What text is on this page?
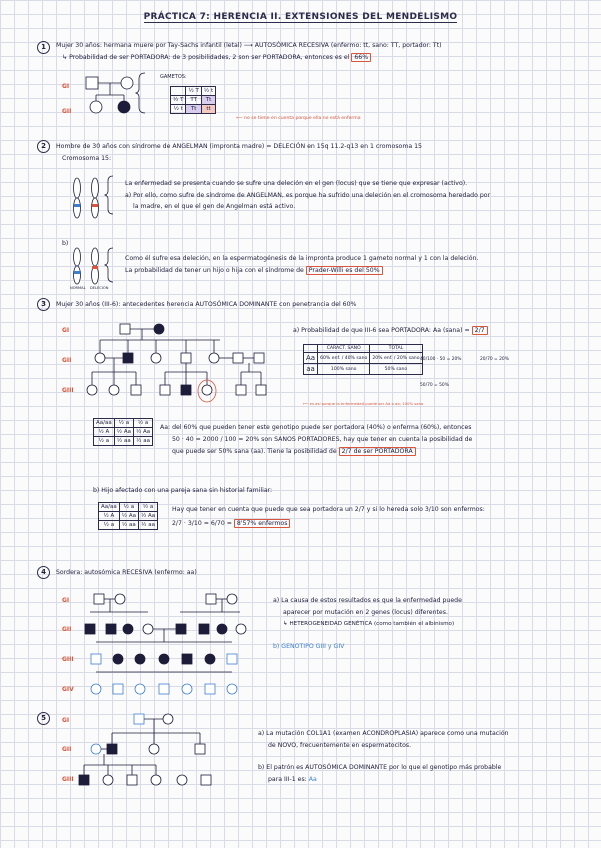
PRÁCTICA 7: HERENCIA II. EXTENSIONES DEL MENDELISMO
1	Mujer 30 años: hermana muere por Tay-Sachs infantil (letal) ⟶ AUTOSÓMICA RECESIVA (enfermo: tt, sano: TT, portador: Tt)
↳ Probabilidad de ser PORTADORA: de 3 posibilidades, 2 son ser PORTADORA, entonces es el 66%
GI
GII
GAMETOS:
	½ T	½ t
½ T	TT	Tt
½ t	Tt	tt
⟵ no se tiene en cuenta porque ella no está enferma
2	Hombre de 30 años con síndrome de ANGELMAN (impronta madre) = DELECIÓN en 15q 11.2-q13 en 1 cromosoma 15
Cromosoma 15:
La enfermedad se presenta cuando se sufre una deleción en el gen (locus) que se tiene que expresar (activo).
a) Por ello, como sufre de síndrome de ANGELMAN, es porque ha sufrido una deleción en el cromosoma heredado por
la madre, en el que el gen de Angelman está activo.
b)
Como él sufre esa deleción, en la espermatogénesis de la impronta produce 1 gameto normal y 1 con la deleción.
La probabilidad de tener un hijo o hija con el síndrome de Prader-Willi es del 50%
NORMAL DELECIÓN
3	Mujer 30 años (III-6): antecedentes herencia AUTOSÓMICA DOMINANTE con penetrancia del 60%
GI
GII
GIII
a) Probabilidad de que III-6 sea PORTADORA: Aa (sana) = 2/7
	CARACT. SANO	TOTAL
Aa	60% enf. / 40% sano	20% enf. / 20% sano
aa	100% sano	50% sano
⟵ es así porque la enfermedad puede ser Aa o aa; 100% sano
40/100 · 50 = 20%	20/70 = 20%
50/70 = 50%
Aa/aa	½ a	½ a
½ A	½ Aa	½ Aa
½ a	½ aa	½ aa
Aa: del 60% que pueden tener este genotipo puede ser portadora (40%) o enferma (60%), entonces
50 · 40 = 2000 / 100 = 20% son SANOS PORTADORES, hay que tener en cuenta la posibilidad de
que puede ser 50% sana (aa). Tiene la posibilidad de 2/7 de ser PORTADORA
b) Hijo afectado con una pareja sana sin historial familiar:
Aa/aa	½ a	½ a
½ A	½ Aa	½ Aa
½ a	½ aa	½ aa
Hay que tener en cuenta que puede que sea portadora un 2/7 y si lo hereda solo 3/10 son enfermos:
2/7 · 3/10 = 6/70 = 8'57% enfermos
4	Sordera: autosómica RECESIVA (enfermo: aa)
GI
GII
GIII
GIV
a) La causa de estos resultados es que la enfermedad puede
aparecer por mutación en 2 genes (locus) diferentes.
↳ HETEROGENEIDAD GENÉTICA (como también el albinismo)
b) GENOTIPO GIII y GIV
5	GI
GII
GIII
a) La mutación COL1A1 (examen ACONDROPLASIA) aparece como una mutación
de NOVO, frecuentemente en espermatocitos.
b) El patrón es AUTOSÓMICA DOMINANTE por lo que el genotipo más probable
para III-1 es: Aa
